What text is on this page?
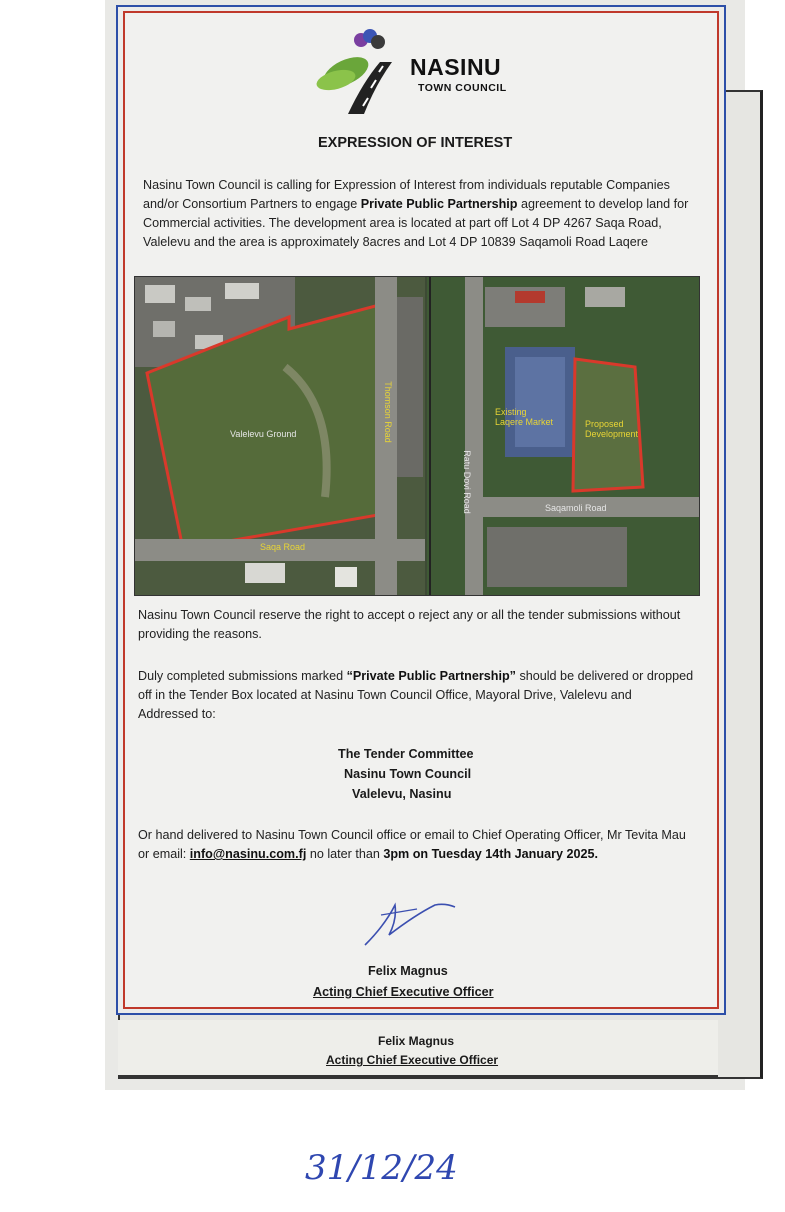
Felix Magnus
Acting Chief Executive Officer
NASINU
TOWN COUNCIL
EXPRESSION OF INTEREST
Nasinu Town Council is calling for Expression of Interest from individuals reputable Companies and/or Consortium Partners to engage Private Public Partnership agreement to develop land for Commercial activities. The development area is located at part off Lot 4 DP 4267 Saqa Road, Valelevu and the area is approximately 8acres and Lot 4 DP 10839 Saqamoli Road Laqere
Valelevu Ground
Saqa Road
Thomson Road	Existing Laqere Market	Proposed Development
Ratu Dovi Road	Saqamoli Road
Nasinu Town Council reserve the right to accept o reject any or all the tender submissions without providing the reasons.
Duly completed submissions marked “Private Public Partnership” should be delivered or dropped off in the Tender Box located at Nasinu Town Council Office, Mayoral Drive, Valelevu and Addressed to:
The Tender Committee
Nasinu Town Council
Valelevu, Nasinu
Or hand delivered to Nasinu Town Council office or email to Chief Operating Officer, Mr Tevita Mau or email: info@nasinu.com.fj no later than 3pm on Tuesday 14th January 2025.
Felix Magnus
Acting Chief Executive Officer
31/12/24
